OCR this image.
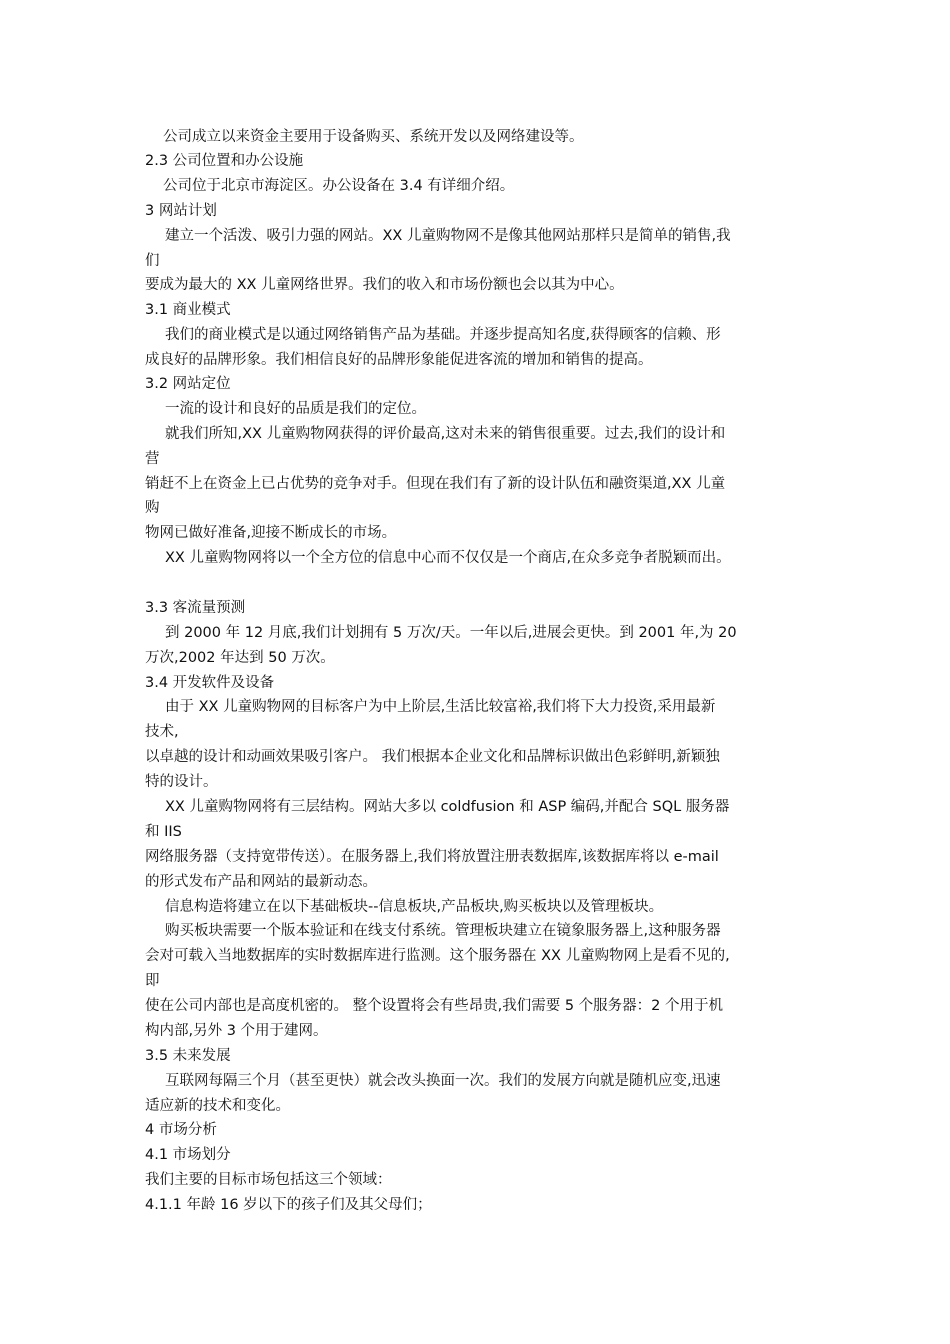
公司成立以来资金主要用于设备购买、系统开发以及网络建设等。
2.3 公司位置和办公设施
公司位于北京市海淀区。办公设备在 3.4 有详细介绍。
3 网站计划
建立一个活泼、吸引力强的网站。XX 儿童购物网不是像其他网站那样只是简单的销售,我
们
要成为最大的 XX 儿童网络世界。我们的收入和市场份额也会以其为中心。
3.1 商业模式
我们的商业模式是以通过网络销售产品为基础。并逐步提高知名度,获得顾客的信赖、形
成良好的品牌形象。我们相信良好的品牌形象能促进客流的增加和销售的提高。
3.2 网站定位
一流的设计和良好的品质是我们的定位。
就我们所知,XX 儿童购物网获得的评价最高,这对未来的销售很重要。过去,我们的设计和
营
销赶不上在资金上已占优势的竞争对手。但现在我们有了新的设计队伍和融资渠道,XX 儿童
购
物网已做好准备,迎接不断成长的市场。
XX 儿童购物网将以一个全方位的信息中心而不仅仅是一个商店,在众多竞争者脱颖而出。
3.3 客流量预测
到 2000 年 12 月底,我们计划拥有 5 万次/天。一年以后,进展会更快。到 2001 年,为 20
万次,2002 年达到 50 万次。
3.4 开发软件及设备
由于 XX 儿童购物网的目标客户为中上阶层,生活比较富裕,我们将下大力投资,采用最新
技术,
以卓越的设计和动画效果吸引客户。 我们根据本企业文化和品牌标识做出色彩鲜明,新颖独
特的设计。
XX 儿童购物网将有三层结构。网站大多以 coldfusion 和 ASP 编码,并配合 SQL 服务器
和 IIS
网络服务器（支持宽带传送）。在服务器上,我们将放置注册表数据库,该数据库将以 e-mail
的形式发布产品和网站的最新动态。
信息构造将建立在以下基础板块--信息板块,产品板块,购买板块以及管理板块。
购买板块需要一个版本验证和在线支付系统。管理板块建立在镜象服务器上,这种服务器
会对可载入当地数据库的实时数据库进行监测。这个服务器在 XX 儿童购物网上是看不见的,
即
使在公司内部也是高度机密的。 整个设置将会有些昂贵,我们需要 5 个服务器：2 个用于机
构内部,另外 3 个用于建网。
3.5 未来发展
互联网每隔三个月（甚至更快）就会改头换面一次。我们的发展方向就是随机应变,迅速
适应新的技术和变化。
4 市场分析
4.1 市场划分
我们主要的目标市场包括这三个领域：
4.1.1 年龄 16 岁以下的孩子们及其父母们；
